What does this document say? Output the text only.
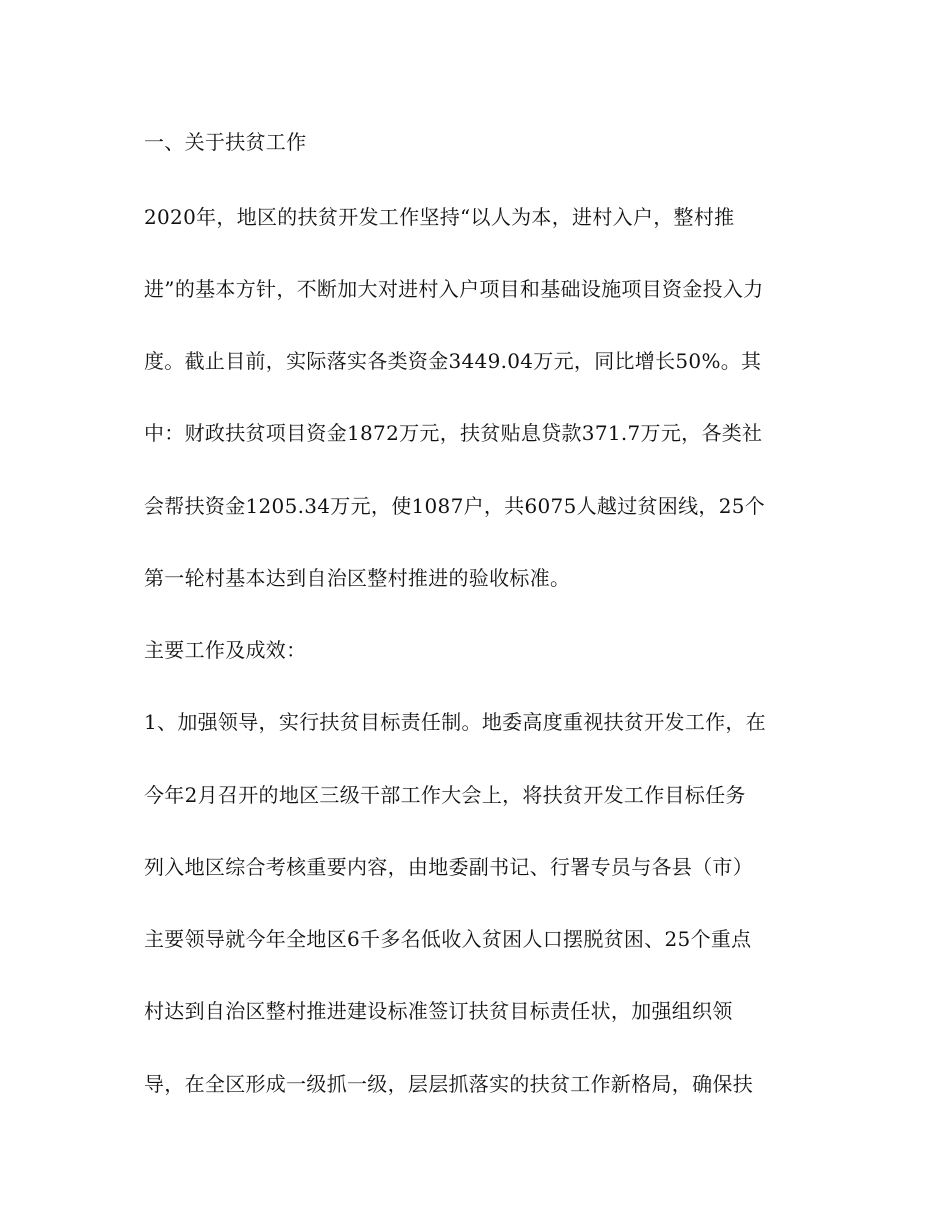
一、关于扶贫工作
2020年，地区的扶贫开发工作坚持“以人为本，进村入户，整村推
进”的基本方针，不断加大对进村入户项目和基础设施项目资金投入力
度。截止目前，实际落实各类资金3449.04万元，同比增长50%。其
中：财政扶贫项目资金1872万元，扶贫贴息贷款371.7万元，各类社
会帮扶资金1205.34万元，使1087户，共6075人越过贫困线，25个
第一轮村基本达到自治区整村推进的验收标准。
主要工作及成效：
1、加强领导，实行扶贫目标责任制。地委高度重视扶贫开发工作，在
今年2月召开的地区三级干部工作大会上，将扶贫开发工作目标任务
列入地区综合考核重要内容，由地委副书记、行署专员与各县（市）
主要领导就今年全地区6千多名低收入贫困人口摆脱贫困、25个重点
村达到自治区整村推进建设标准签订扶贫目标责任状，加强组织领
导，在全区形成一级抓一级，层层抓落实的扶贫工作新格局，确保扶
